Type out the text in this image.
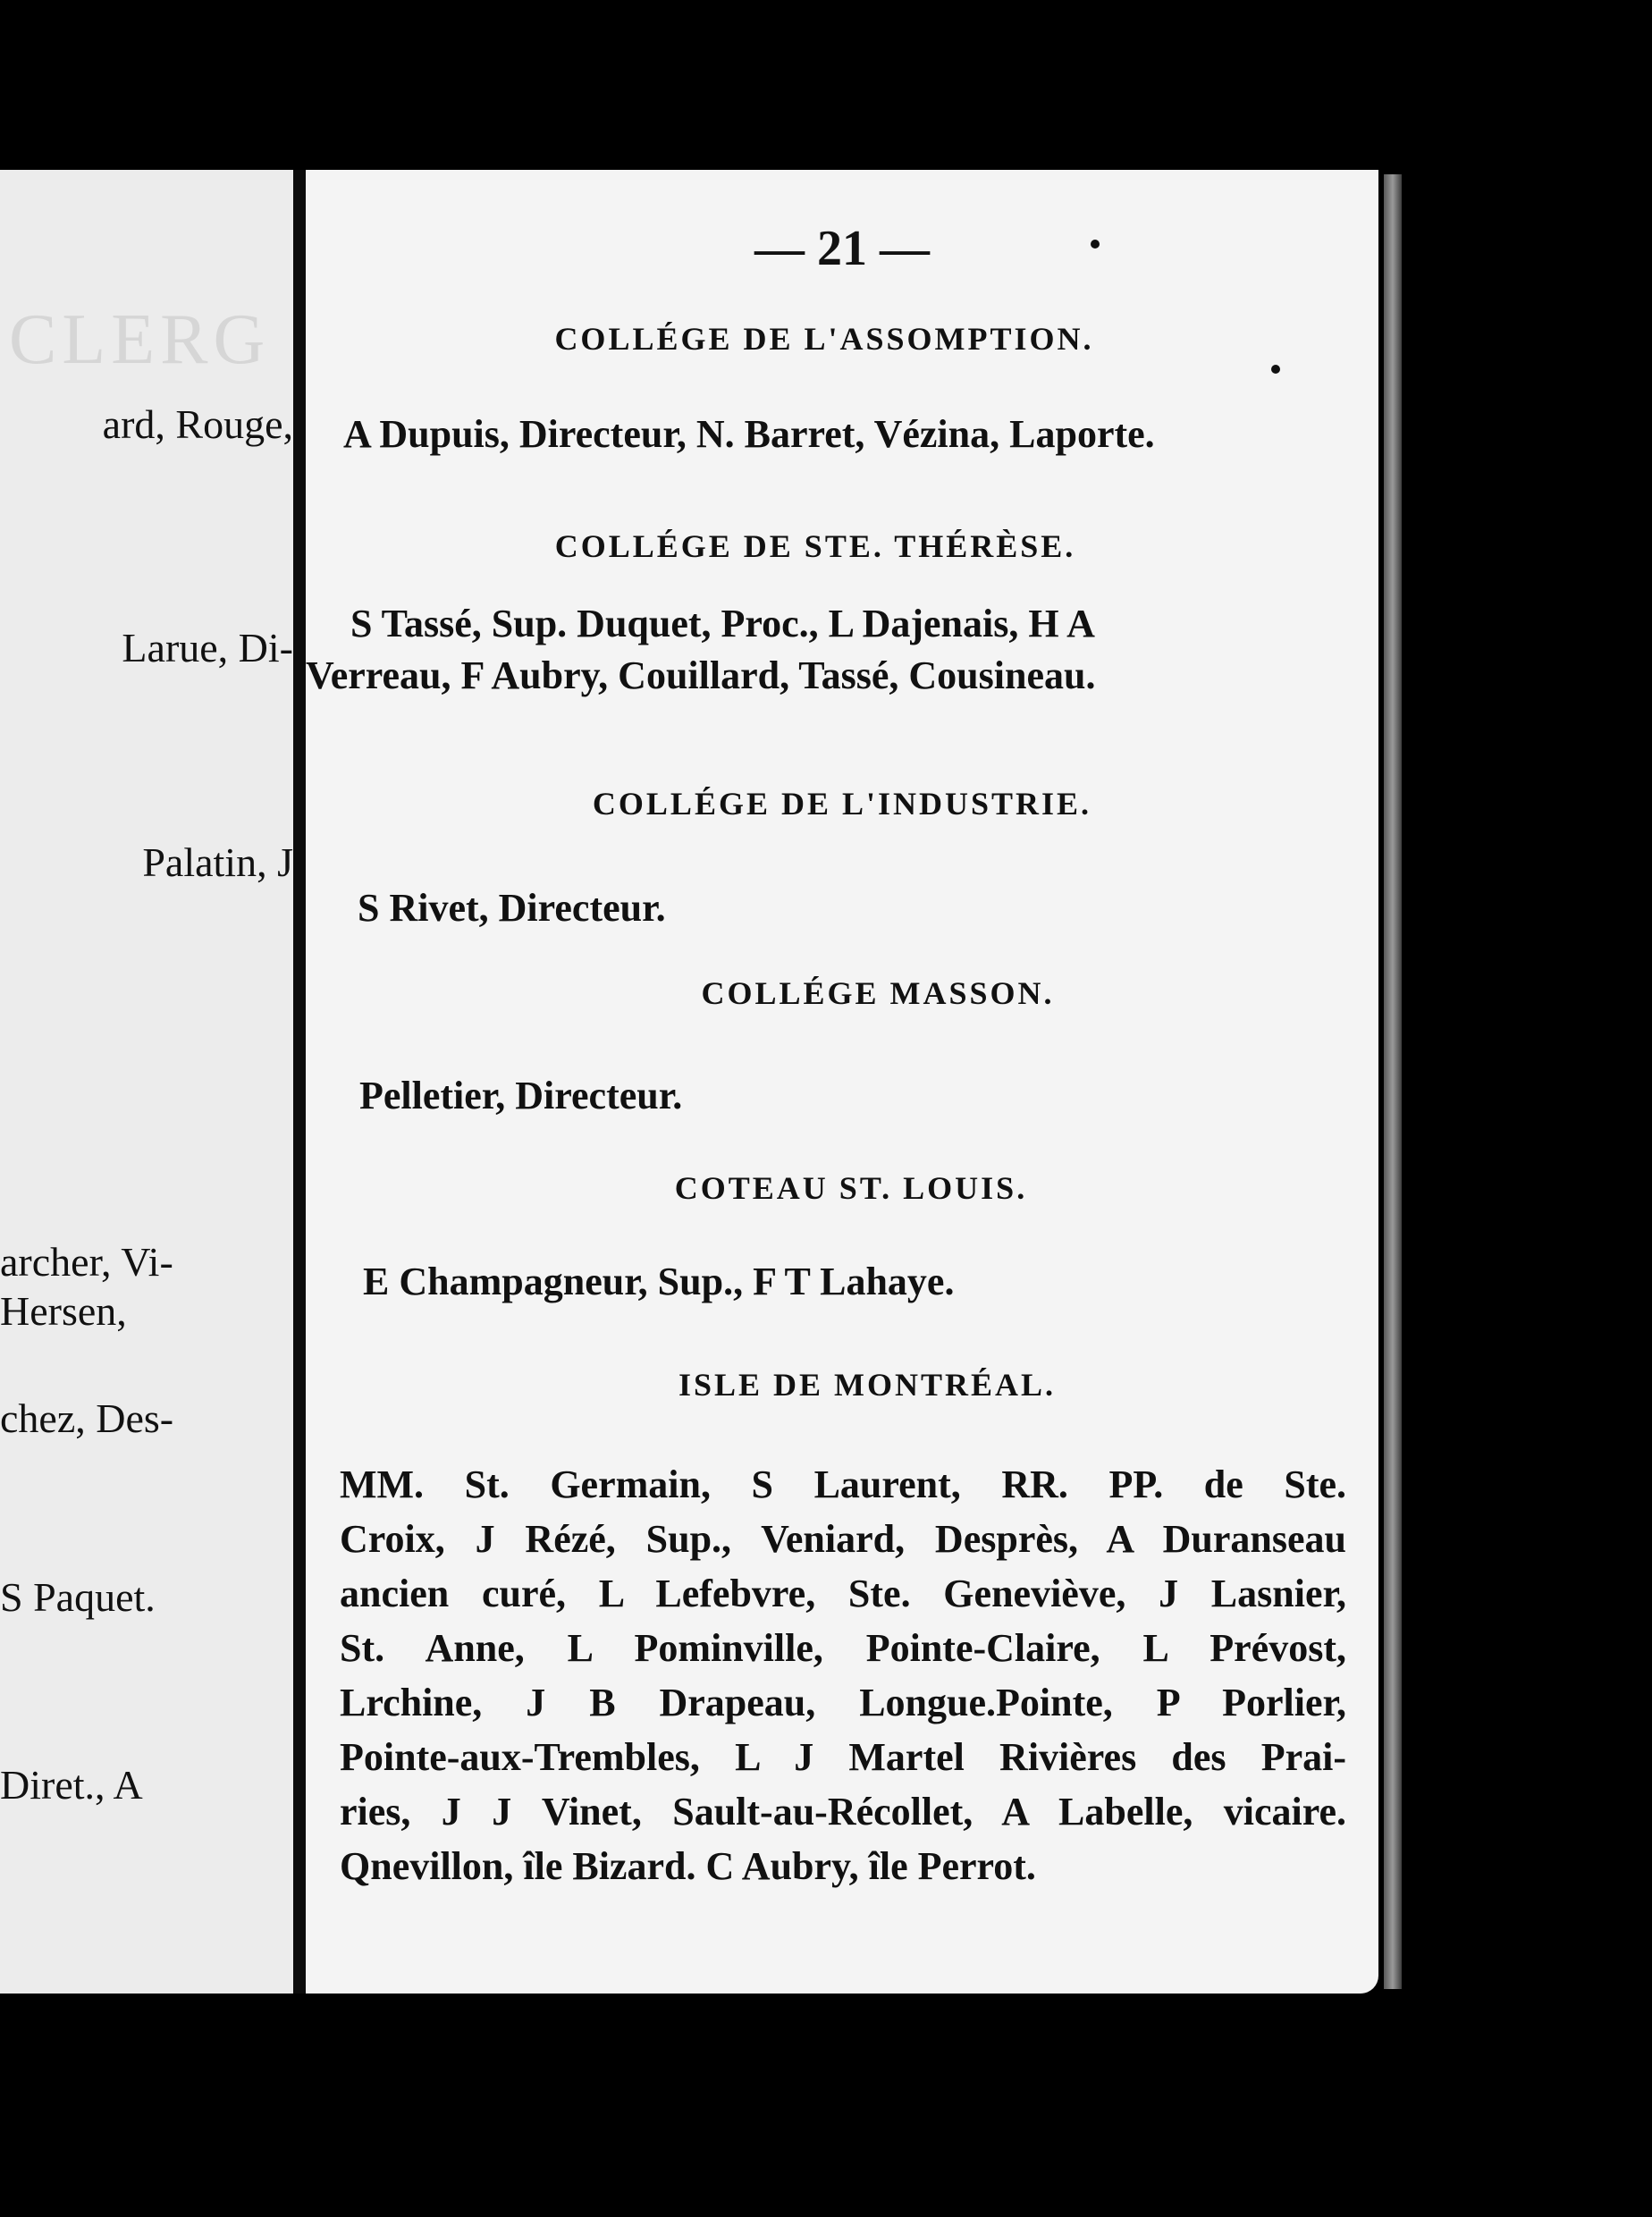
CLERG
ard, Rouge,
Larue, Di-
Palatin, J
archer, Vi-
Hersen,
chez, Des-
S Paquet.
Diret., A
— 21 —
COLLÉGE DE L'ASSOMPTION.
A Dupuis, Directeur, N. Barret, Vézina, Laporte.
COLLÉGE DE STE. THÉRÈSE.
S Tassé, Sup. Duquet, Proc., L Dajenais, H A
Verreau, F Aubry, Couillard, Tassé, Cousineau.
COLLÉGE DE L'INDUSTRIE.
S Rivet, Directeur.
COLLÉGE MASSON.
Pelletier, Directeur.
COTEAU ST. LOUIS.
E Champagneur, Sup., F T Lahaye.
ISLE DE MONTRÉAL.
MM. St. Germain, S Laurent, RR. PP. de Ste.
Croix, J Rézé, Sup., Veniard, Desprès, A Duranseau
ancien curé, L Lefebvre, Ste. Geneviève, J Lasnier,
St. Anne, L Pominville, Pointe-Claire, L Prévost,
Lrchine, J B Drapeau, Longue.Pointe, P Porlier,
Pointe-aux-Trembles, L J Martel Rivières des Prai-
ries, J J Vinet, Sault-au-Récollet, A Labelle, vicaire.
Qnevillon, île Bizard. C Aubry, île Perrot.
